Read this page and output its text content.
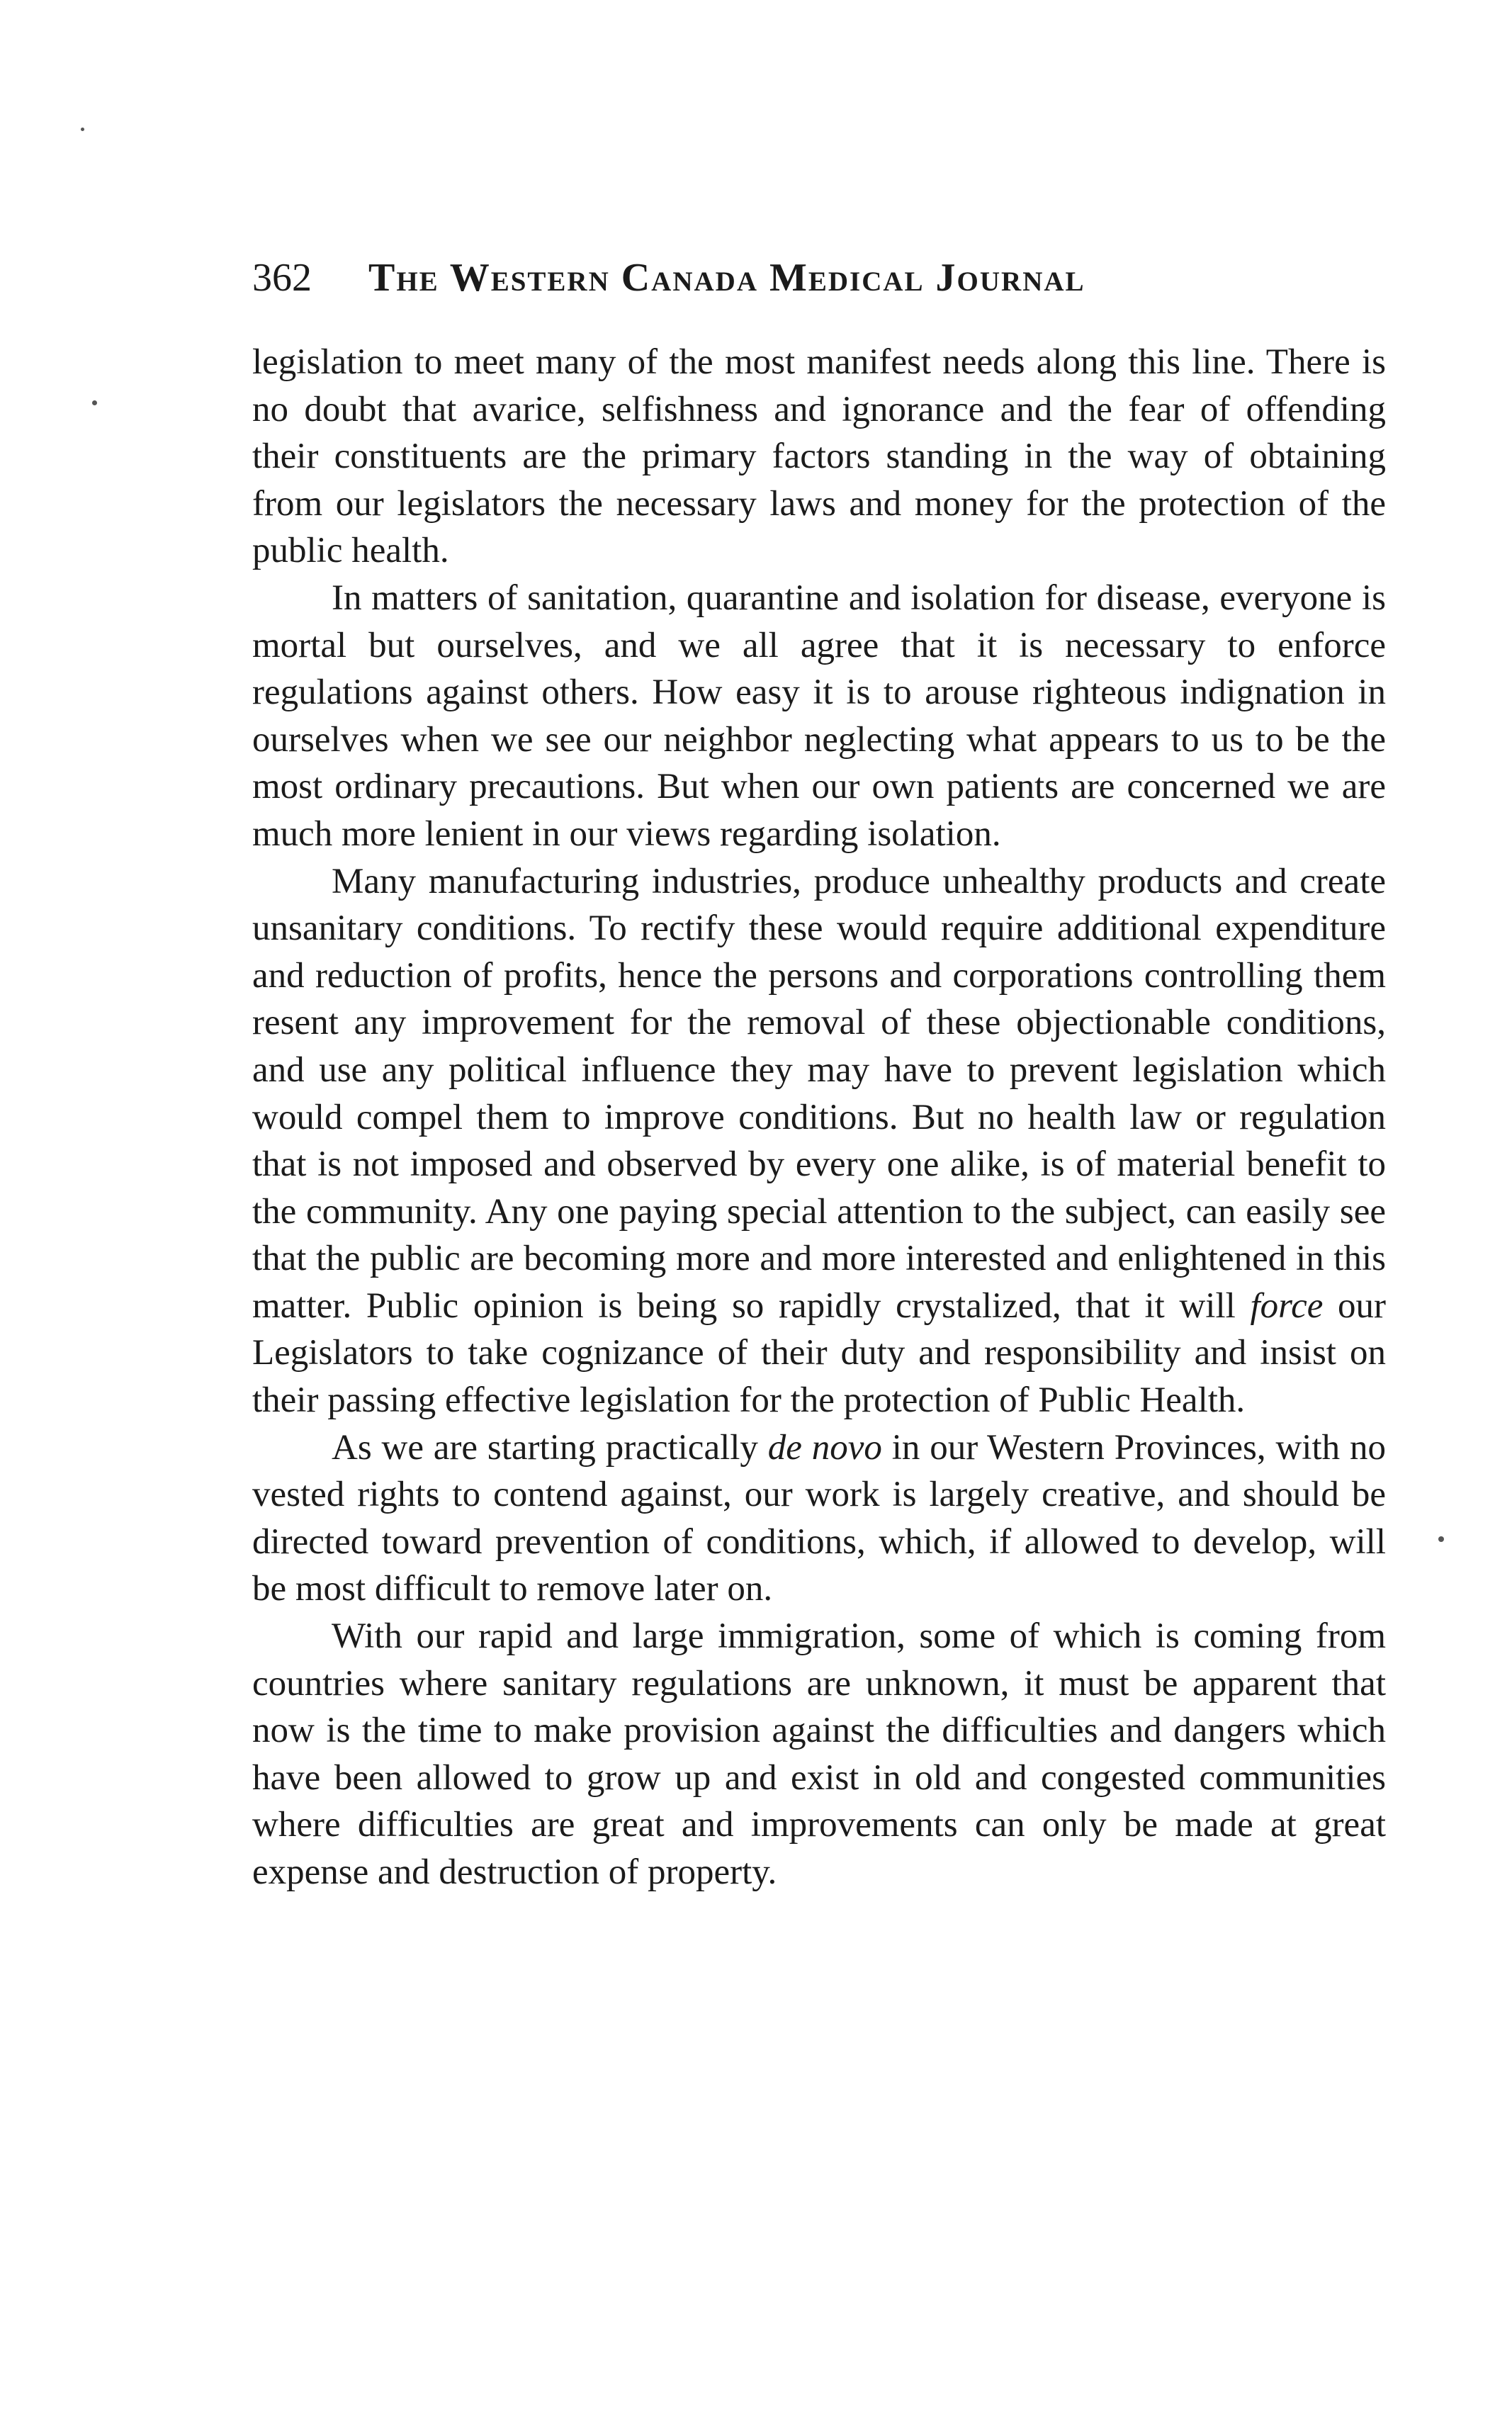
362 The Western Canada Medical Journal

legislation to meet many of the most manifest needs along this line. There is no doubt that avarice, selfishness and ignorance and the fear of offending their constituents are the primary factors standing in the way of obtaining from our legislators the necessary laws and money for the protection of the public health.

In matters of sanitation, quarantine and isolation for disease, everyone is mortal but ourselves, and we all agree that it is necessary to enforce regulations against others. How easy it is to arouse righteous indignation in ourselves when we see our neighbor neglecting what appears to us to be the most ordinary precautions. But when our own patients are concerned we are much more lenient in our views regarding isolation.

Many manufacturing industries, produce unhealthy products and create unsanitary conditions. To rectify these would require additional expenditure and reduction of profits, hence the persons and corporations controlling them resent any improvement for the removal of these objectionable conditions, and use any political influence they may have to prevent legislation which would compel them to improve conditions. But no health law or regulation that is not imposed and observed by every one alike, is of material benefit to the community. Any one paying special attention to the subject, can easily see that the public are becoming more and more interested and enlightened in this matter. Public opinion is being so rapidly crystalized, that it will force our Legislators to take cognizance of their duty and responsibility and insist on their passing effective legislation for the protection of Public Health.

As we are starting practically de novo in our Western Provinces, with no vested rights to contend against, our work is largely creative, and should be directed toward prevention of conditions, which, if allowed to develop, will be most difficult to remove later on.

With our rapid and large immigration, some of which is coming from countries where sanitary regulations are unknown, it must be apparent that now is the time to make provision against the difficulties and dangers which have been allowed to grow up and exist in old and congested communities where difficulties are great and improvements can only be made at great expense and destruction of property.
